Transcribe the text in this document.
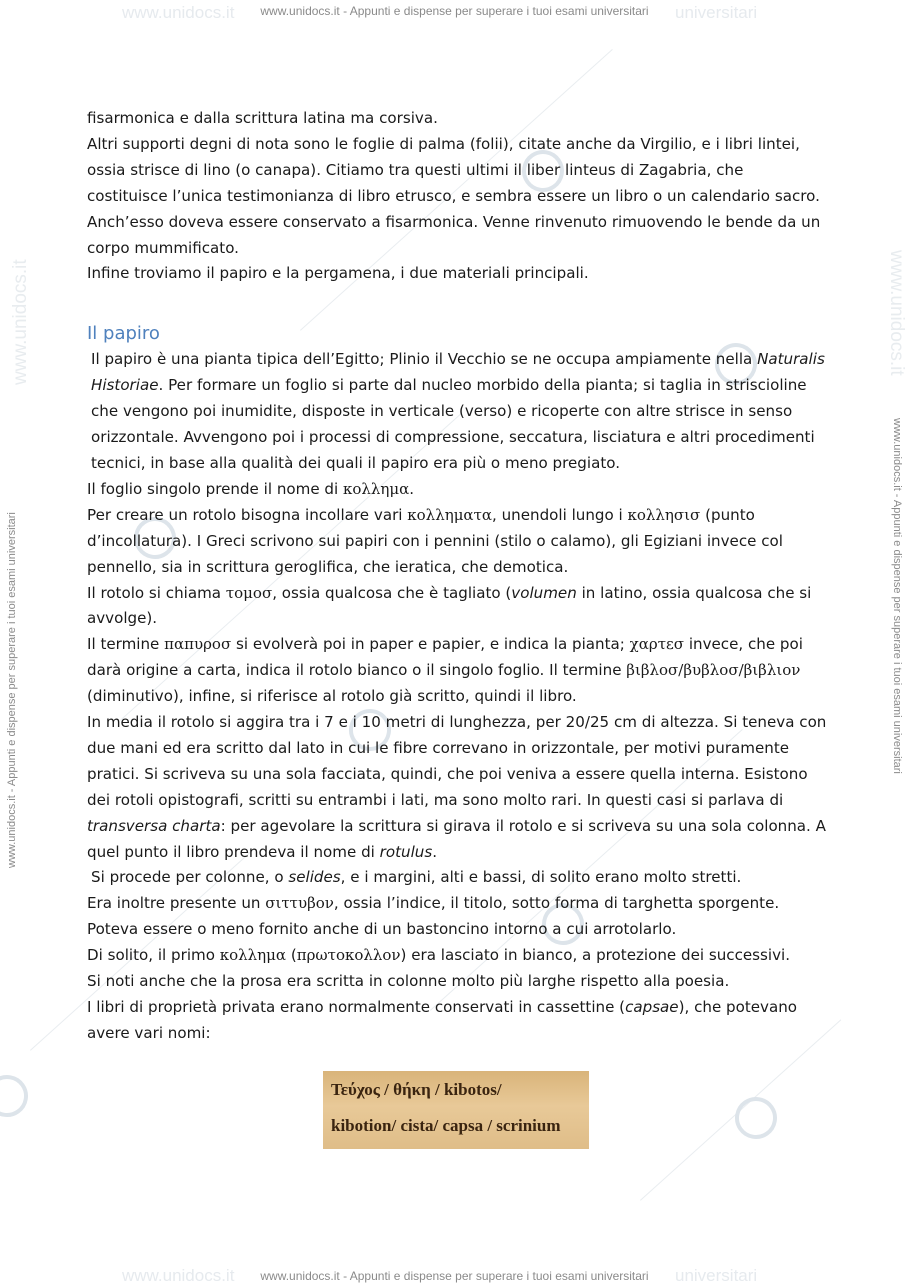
www.unidocs.it	universitari
www.unidocs.it	universitari
www.unidocs.it - Appunti e dispense per superare i tuoi esami universitari
www.unidocs.it - Appunti e dispense per superare i tuoi esami universitari
www.unidocs.it - Appunti e dispense per superare i tuoi esami universitari	www.unidocs.it - Appunti e dispense per superare i tuoi esami universitari
www.unidocs.it	www.unidocs.it

fisarmonica e dalla scrittura latina ma corsiva.

Altri supporti degni di nota sono le foglie di palma (folii), citate anche da Virgilio, e i libri lintei, ossia strisce di lino (o canapa). Citiamo tra questi ultimi il liber linteus di Zagabria, che costituisce l’unica testimonianza di libro etrusco, e sembra essere un libro o un calendario sacro. Anch’esso doveva essere conservato a fisarmonica. Venne rinvenuto rimuovendo le bende da un corpo mummificato.

Infine troviamo il papiro e la pergamena, i due materiali principali.

Il papiro

Il papiro è una pianta tipica dell’Egitto; Plinio il Vecchio se ne occupa ampiamente nella Naturalis Historiae. Per formare un foglio si parte dal nucleo morbido della pianta; si taglia in striscioline che vengono poi inumidite, disposte in verticale (verso) e ricoperte con altre strisce in senso orizzontale. Avvengono poi i processi di compressione, seccatura, lisciatura e altri procedimenti tecnici, in base alla qualità dei quali il papiro era più o meno pregiato.

Il foglio singolo prende il nome di κολλημα.

Per creare un rotolo bisogna incollare vari κολληματα, unendoli lungo i κολλησισ (punto d’incollatura). I Greci scrivono sui papiri con i pennini (stilo o calamo), gli Egiziani invece col pennello, sia in scrittura geroglifica, che ieratica, che demotica.

Il rotolo si chiama τομοσ, ossia qualcosa che è tagliato (volumen in latino, ossia qualcosa che si avvolge).

Il termine παπυροσ si evolverà poi in paper e papier, e indica la pianta; χαρτεσ invece, che poi darà origine a carta, indica il rotolo bianco o il singolo foglio. Il termine βιβλοσ/βυβλοσ/βιβλιον (diminutivo), infine, si riferisce al rotolo già scritto, quindi il libro.

In media il rotolo si aggira tra i 7 e i 10 metri di lunghezza, per 20/25 cm di altezza. Si teneva con due mani ed era scritto dal lato in cui le fibre correvano in orizzontale, per motivi puramente pratici. Si scriveva su una sola facciata, quindi, che poi veniva a essere quella interna. Esistono dei rotoli opistografi, scritti su entrambi i lati, ma sono molto rari. In questi casi si parlava di transversa charta: per agevolare la scrittura si girava il rotolo e si scriveva su una sola colonna. A quel punto il libro prendeva il nome di rotulus.

Si procede per colonne, o selides, e i margini, alti e bassi, di solito erano molto stretti.

Era inoltre presente un σιττυβον, ossia l’indice, il titolo, sotto forma di targhetta sporgente.

Poteva essere o meno fornito anche di un bastoncino intorno a cui arrotolarlo.

Di solito, il primo κολλημα (πρωτοκολλον) era lasciato in bianco, a protezione dei successivi.

Si noti anche che la prosa era scritta in colonne molto più larghe rispetto alla poesia.

I libri di proprietà privata erano normalmente conservati in cassettine (capsae), che potevano avere vari nomi:

Τεύχος / θήκη / kibotos/
kibotion/ cista/ capsa / scrinium
